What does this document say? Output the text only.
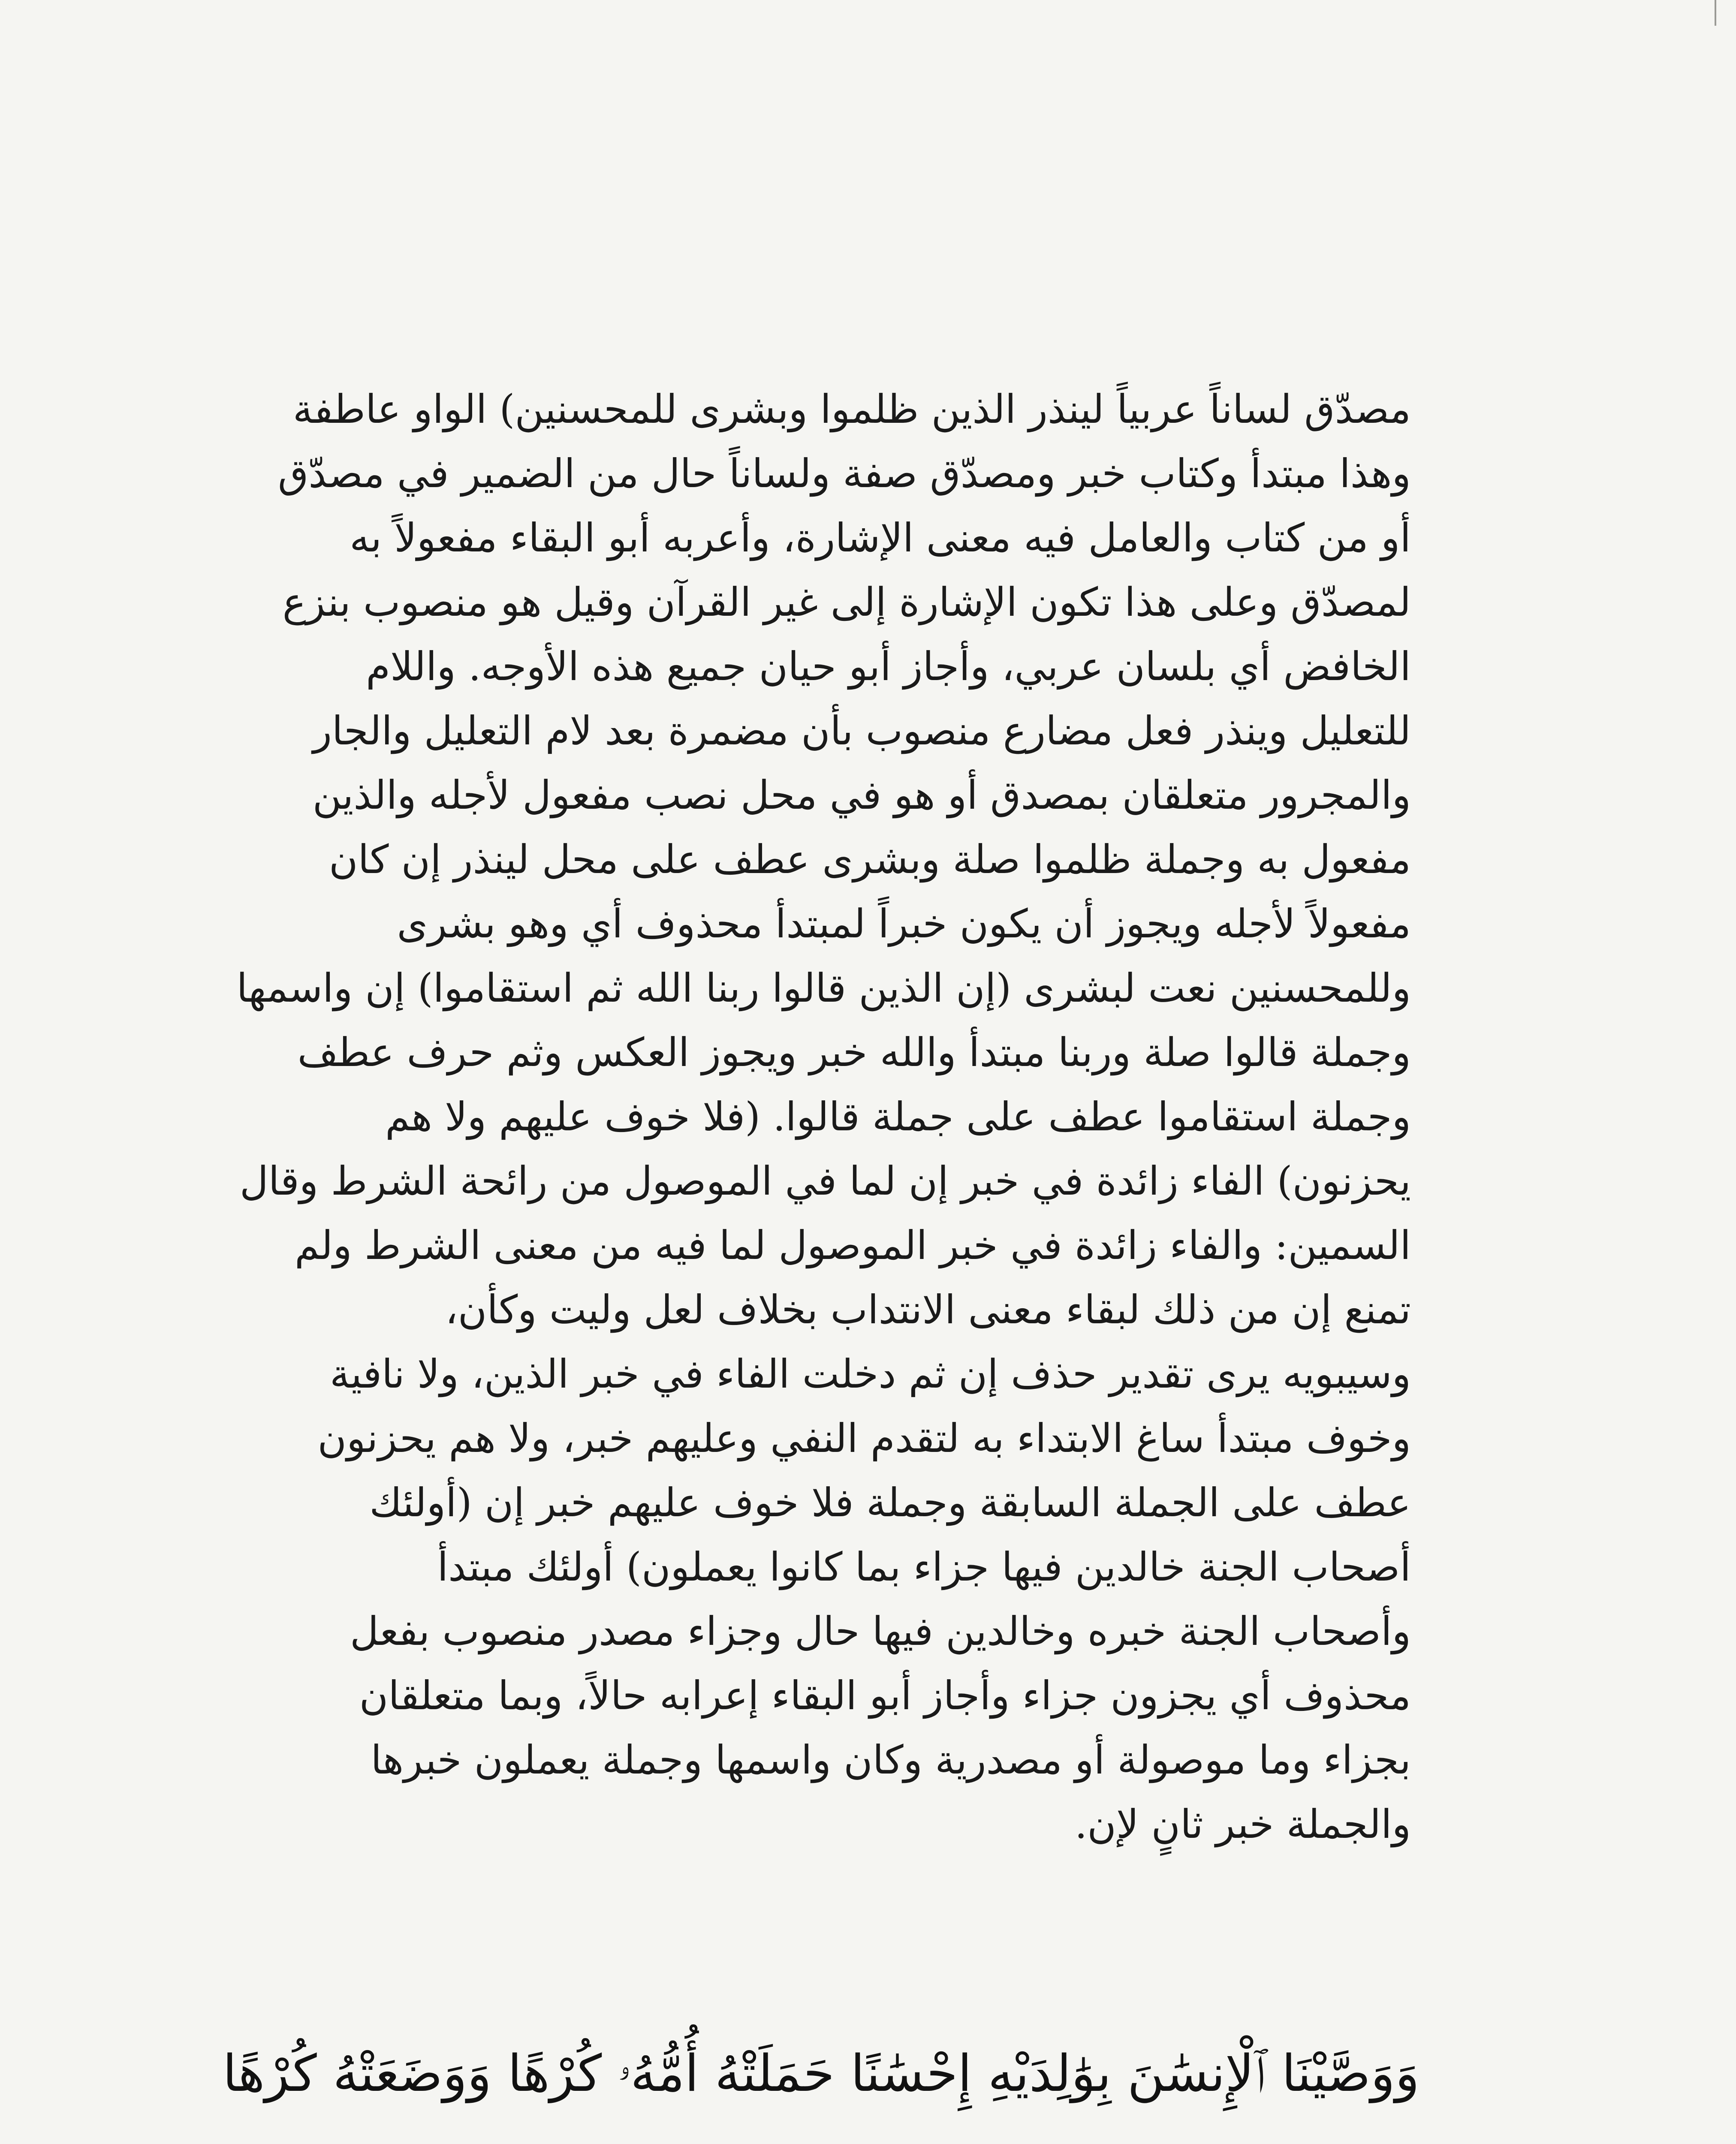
مصدّق لساناً عربياً لينذر الذين ظلموا وبشرى للمحسنين) الواو عاطفة
وهذا مبتدأ وكتاب خبر ومصدّق صفة ولساناً حال من الضمير في مصدّق
أو من كتاب والعامل فيه معنى الإشارة، وأعربه أبو البقاء مفعولاً به
لمصدّق وعلى هذا تكون الإشارة إلى غير القرآن وقيل هو منصوب بنزع
الخافض أي بلسان عربي، وأجاز أبو حيان جميع هذه الأوجه. واللام
للتعليل وينذر فعل مضارع منصوب بأن مضمرة بعد لام التعليل والجار
والمجرور متعلقان بمصدق أو هو في محل نصب مفعول لأجله والذين
مفعول به وجملة ظلموا صلة وبشرى عطف على محل لينذر إن كان
مفعولاً لأجله ويجوز أن يكون خبراً لمبتدأ محذوف أي وهو بشرى
وللمحسنين نعت لبشرى (إن الذين قالوا ربنا الله ثم استقاموا) إن واسمها
وجملة قالوا صلة وربنا مبتدأ والله خبر ويجوز العكس وثم حرف عطف
وجملة استقاموا عطف على جملة قالوا. (فلا خوف عليهم ولا هم
يحزنون) الفاء زائدة في خبر إن لما في الموصول من رائحة الشرط وقال
السمين: والفاء زائدة في خبر الموصول لما فيه من معنى الشرط ولم
تمنع إن من ذلك لبقاء معنى الانتداب بخلاف لعل وليت وكأن،
وسيبويه يرى تقدير حذف إن ثم دخلت الفاء في خبر الذين، ولا نافية
وخوف مبتدأ ساغ الابتداء به لتقدم النفي وعليهم خبر، ولا هم يحزنون
عطف على الجملة السابقة وجملة فلا خوف عليهم خبر إن (أولئك
أصحاب الجنة خالدين فيها جزاء بما كانوا يعملون) أولئك مبتدأ
وأصحاب الجنة خبره وخالدين فيها حال وجزاء مصدر منصوب بفعل
محذوف أي يجزون جزاء وأجاز أبو البقاء إعرابه حالاً، وبما متعلقان
بجزاء وما موصولة أو مصدرية وكان واسمها وجملة يعملون خبرها
والجملة خبر ثانٍ لإن.
وَوَصَّيْنَا ٱلْإِنسَٰنَ بِوَٰلِدَيْهِ إِحْسَٰنًا حَمَلَتْهُ أُمُّهُۥ كُرْهًا وَوَضَعَتْهُ كُرْهًا
